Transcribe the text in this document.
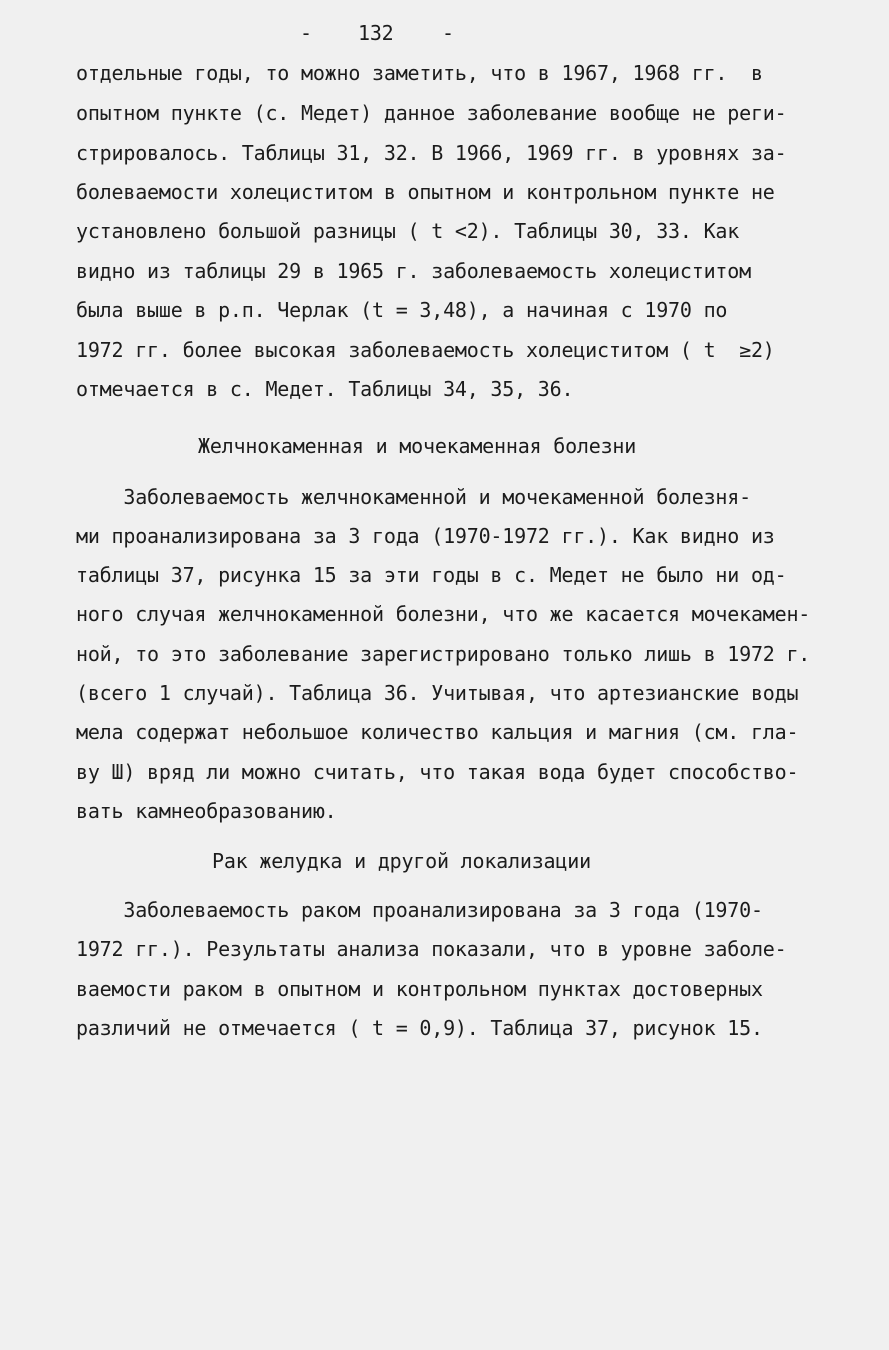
- 132 -
отдельные годы, то можно заметить, что в 1967, 1968 гг.  в
опытном пункте (с. Медет) данное заболевание вообще не реги-
стрировалось. Таблицы 31, 32. В 1966, 1969 гг. в уровнях за-
болеваемости холециститом в опытном и контрольном пункте не
установлено большой разницы ( t <2). Таблицы 30, 33. Как
видно из таблицы 29 в 1965 г. заболеваемость холециститом
была выше в р.п. Черлак (t = 3,48), а начиная с 1970 по
1972 гг. более высокая заболеваемость холециститом ( t  ≥2)
отмечается в с. Медет. Таблицы 34, 35, 36.
Желчнокаменная и мочекаменная болезни
Заболеваемость желчнокаменной и мочекаменной болезня-
ми проанализирована за 3 года (1970-1972 гг.). Как видно из
таблицы 37, рисунка 15 за эти годы в с. Медет не было ни од-
ного случая желчнокаменной болезни, что же касается мочекамен-
ной, то это заболевание зарегистрировано только лишь в 1972 г.
(всего 1 случай). Таблица 36. Учитывая, что артезианские воды
мела содержат небольшое количество кальция и магния (см. гла-
ву Ш) вряд ли можно считать, что такая вода будет способство-
вать камнеобразованию.
Рак желудка и другой локализации
Заболеваемость раком проанализирована за 3 года (1970-
1972 гг.). Результаты анализа показали, что в уровне заболе-
ваемости раком в опытном и контрольном пунктах достоверных
различий не отмечается ( t = 0,9). Таблица 37, рисунок 15.
